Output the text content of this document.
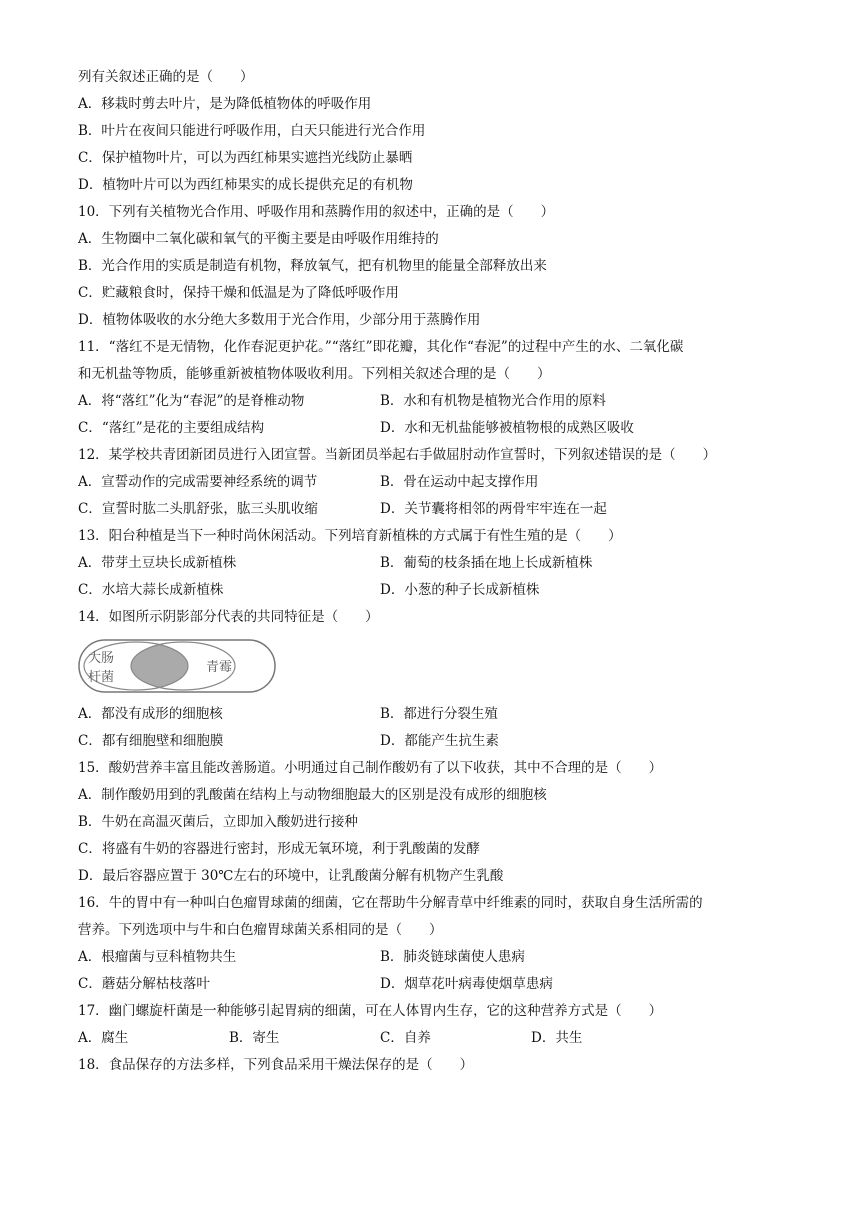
列有关叙述正确的是（　　）
A．移栽时剪去叶片，是为降低植物体的呼吸作用
B．叶片在夜间只能进行呼吸作用，白天只能进行光合作用
C．保护植物叶片，可以为西红柿果实遮挡光线防止暴晒
D．植物叶片可以为西红柿果实的成长提供充足的有机物
10．下列有关植物光合作用、呼吸作用和蒸腾作用的叙述中，正确的是（　　）
A．生物圈中二氧化碳和氧气的平衡主要是由呼吸作用维持的
B．光合作用的实质是制造有机物，释放氧气，把有机物里的能量全部释放出来
C．贮藏粮食时，保持干燥和低温是为了降低呼吸作用
D．植物体吸收的水分绝大多数用于光合作用，少部分用于蒸腾作用
11．“落红不是无情物，化作春泥更护花。”“落红”即花瓣，其化作“春泥”的过程中产生的水、二氧化碳
和无机盐等物质，能够重新被植物体吸收利用。下列相关叙述合理的是（　　）
A．将“落红”化为“春泥”的是脊椎动物	B．水和有机物是植物光合作用的原料
C．“落红”是花的主要组成结构	D．水和无机盐能够被植物根的成熟区吸收
12．某学校共青团新团员进行入团宣誓。当新团员举起右手做屈肘动作宣誓时，下列叙述错误的是（　　）
A．宣誓动作的完成需要神经系统的调节	B．骨在运动中起支撑作用
C．宣誓时肱二头肌舒张，肱三头肌收缩	D．关节囊将相邻的两骨牢牢连在一起
13．阳台种植是当下一种时尚休闲活动。下列培育新植株的方式属于有性生殖的是（　　）
A．带芽土豆块长成新植株	B．葡萄的枝条插在地上长成新植株
C．水培大蒜长成新植株	D．小葱的种子长成新植株
14．如图所示阴影部分代表的共同特征是（　　）
大肠
杆菌
青霉
A．都没有成形的细胞核	B．都进行分裂生殖
C．都有细胞壁和细胞膜	D．都能产生抗生素
15．酸奶营养丰富且能改善肠道。小明通过自己制作酸奶有了以下收获，其中不合理的是（　　）
A．制作酸奶用到的乳酸菌在结构上与动物细胞最大的区别是没有成形的细胞核
B．牛奶在高温灭菌后，立即加入酸奶进行接种
C．将盛有牛奶的容器进行密封，形成无氧环境，利于乳酸菌的发酵
D．最后容器应置于 30℃左右的环境中，让乳酸菌分解有机物产生乳酸
16．牛的胃中有一种叫白色瘤胃球菌的细菌，它在帮助牛分解青草中纤维素的同时，获取自身生活所需的
营养。下列选项中与牛和白色瘤胃球菌关系相同的是（　　）
A．根瘤菌与豆科植物共生	B．肺炎链球菌使人患病
C．蘑菇分解枯枝落叶	D．烟草花叶病毒使烟草患病
17．幽门螺旋杆菌是一种能够引起胃病的细菌，可在人体胃内生存，它的这种营养方式是（　　）
A．腐生	B．寄生	C．自养	D．共生
18．食品保存的方法多样，下列食品采用干燥法保存的是（　　）
